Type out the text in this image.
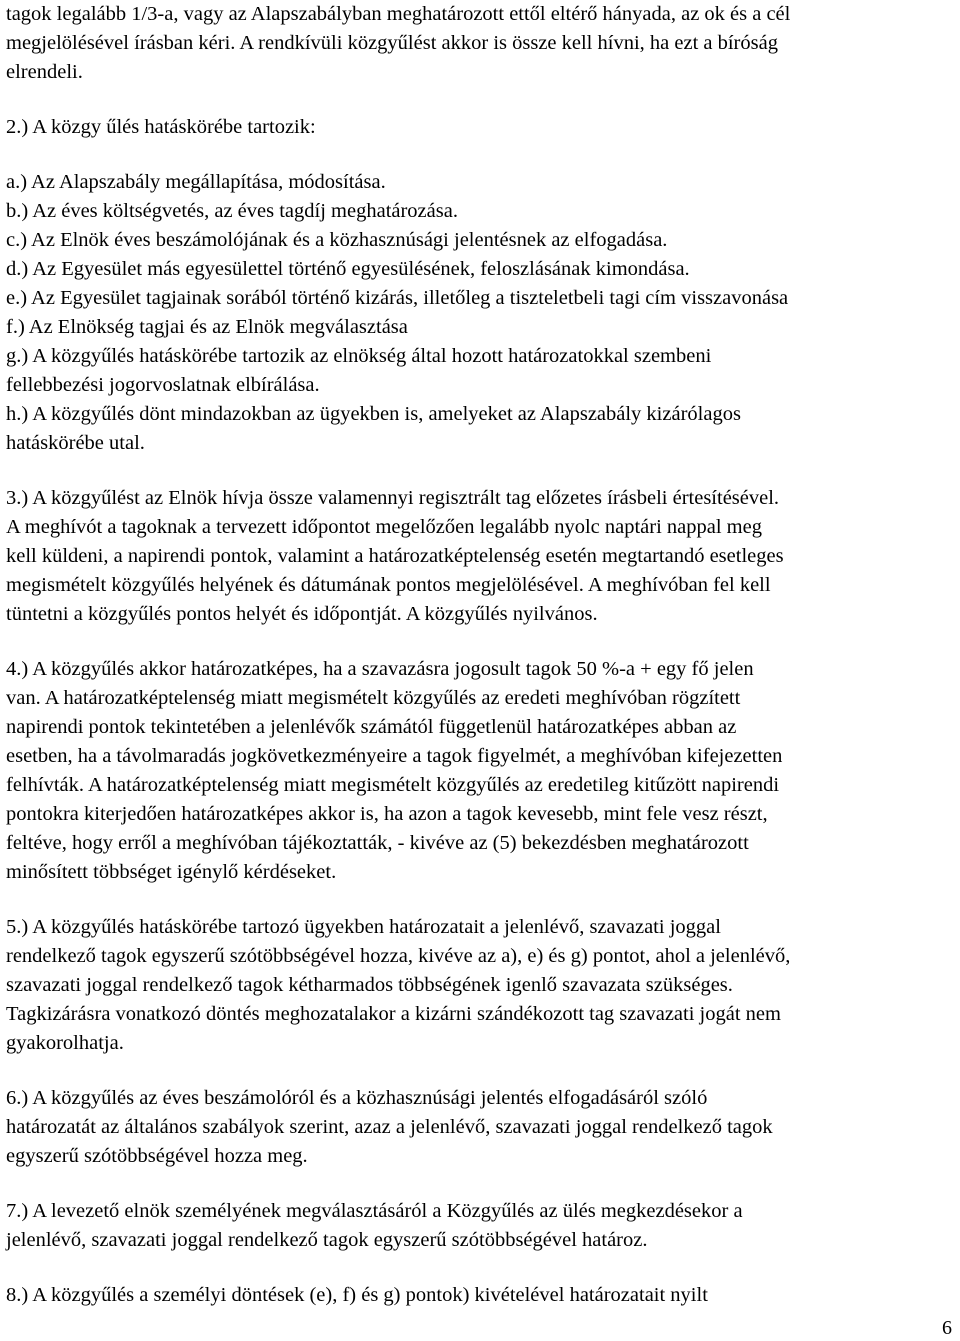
tagok legalább 1/3-a, vagy az Alapszabályban meghatározott ettől eltérő hányada, az ok és a cél

megjelölésével írásban kéri. A rendkívüli közgyűlést akkor is össze kell hívni, ha ezt a bíróság

elrendeli.

2.) A közgy űlés hatáskörébe tartozik:

a.) Az Alapszabály megállapítása, módosítása.

b.) Az éves költségvetés, az éves tagdíj meghatározása.

c.) Az Elnök éves beszámolójának és a közhasznúsági jelentésnek az elfogadása.

d.) Az Egyesület más egyesülettel történő egyesülésének, feloszlásának kimondása.

e.) Az Egyesület tagjainak sorából történő kizárás, illetőleg a tiszteletbeli tagi cím visszavonása

f.) Az Elnökség tagjai és az Elnök megválasztása

g.) A közgyűlés hatáskörébe tartozik az elnökség által hozott határozatokkal szembeni

fellebbezési jogorvoslatnak elbírálása.

h.) A közgyűlés dönt mindazokban az ügyekben is, amelyeket az Alapszabály kizárólagos

hatáskörébe utal.

3.) A közgyűlést az Elnök hívja össze valamennyi regisztrált tag előzetes írásbeli értesítésével.

A meghívót a tagoknak a tervezett időpontot megelőzően legalább nyolc naptári nappal meg

kell küldeni, a napirendi pontok, valamint a határozatképtelenség esetén megtartandó esetleges

megismételt közgyűlés helyének és dátumának pontos megjelölésével. A meghívóban fel kell

tüntetni a közgyűlés pontos helyét és időpontját. A közgyűlés nyilvános.

4.) A közgyűlés akkor határozatképes, ha a szavazásra jogosult tagok 50 %-a + egy fő jelen

van. A határozatképtelenség miatt megismételt közgyűlés az eredeti meghívóban rögzített

napirendi pontok tekintetében a jelenlévők számától függetlenül határozatképes abban az

esetben, ha a távolmaradás jogkövetkezményeire a tagok figyelmét, a meghívóban kifejezetten

felhívták. A határozatképtelenség miatt megismételt közgyűlés az eredetileg kitűzött napirendi

pontokra kiterjedően határozatképes akkor is, ha azon a tagok kevesebb, mint fele vesz részt,

feltéve, hogy erről a meghívóban tájékoztatták, - kivéve az (5) bekezdésben meghatározott

minősített többséget igénylő kérdéseket.

5.) A közgyűlés hatáskörébe tartozó ügyekben határozatait a jelenlévő, szavazati joggal

rendelkező tagok egyszerű szótöbbségével hozza, kivéve az a), e) és g) pontot, ahol a jelenlévő,

szavazati joggal rendelkező tagok kétharmados többségének igenlő szavazata szükséges.

Tagkizárásra vonatkozó döntés meghozatalakor a kizárni szándékozott tag szavazati jogát nem

gyakorolhatja.

6.) A közgyűlés az éves beszámolóról és a közhasznúsági jelentés elfogadásáról szóló

határozatát az általános szabályok szerint, azaz a jelenlévő, szavazati joggal rendelkező tagok

egyszerű szótöbbségével hozza meg.

7.) A levezető elnök személyének megválasztásáról a Közgyűlés az ülés megkezdésekor a

jelenlévő, szavazati joggal rendelkező tagok egyszerű szótöbbségével határoz.

8.) A közgyűlés a személyi döntések (e), f) és g) pontok) kivételével határozatait nyilt

6
